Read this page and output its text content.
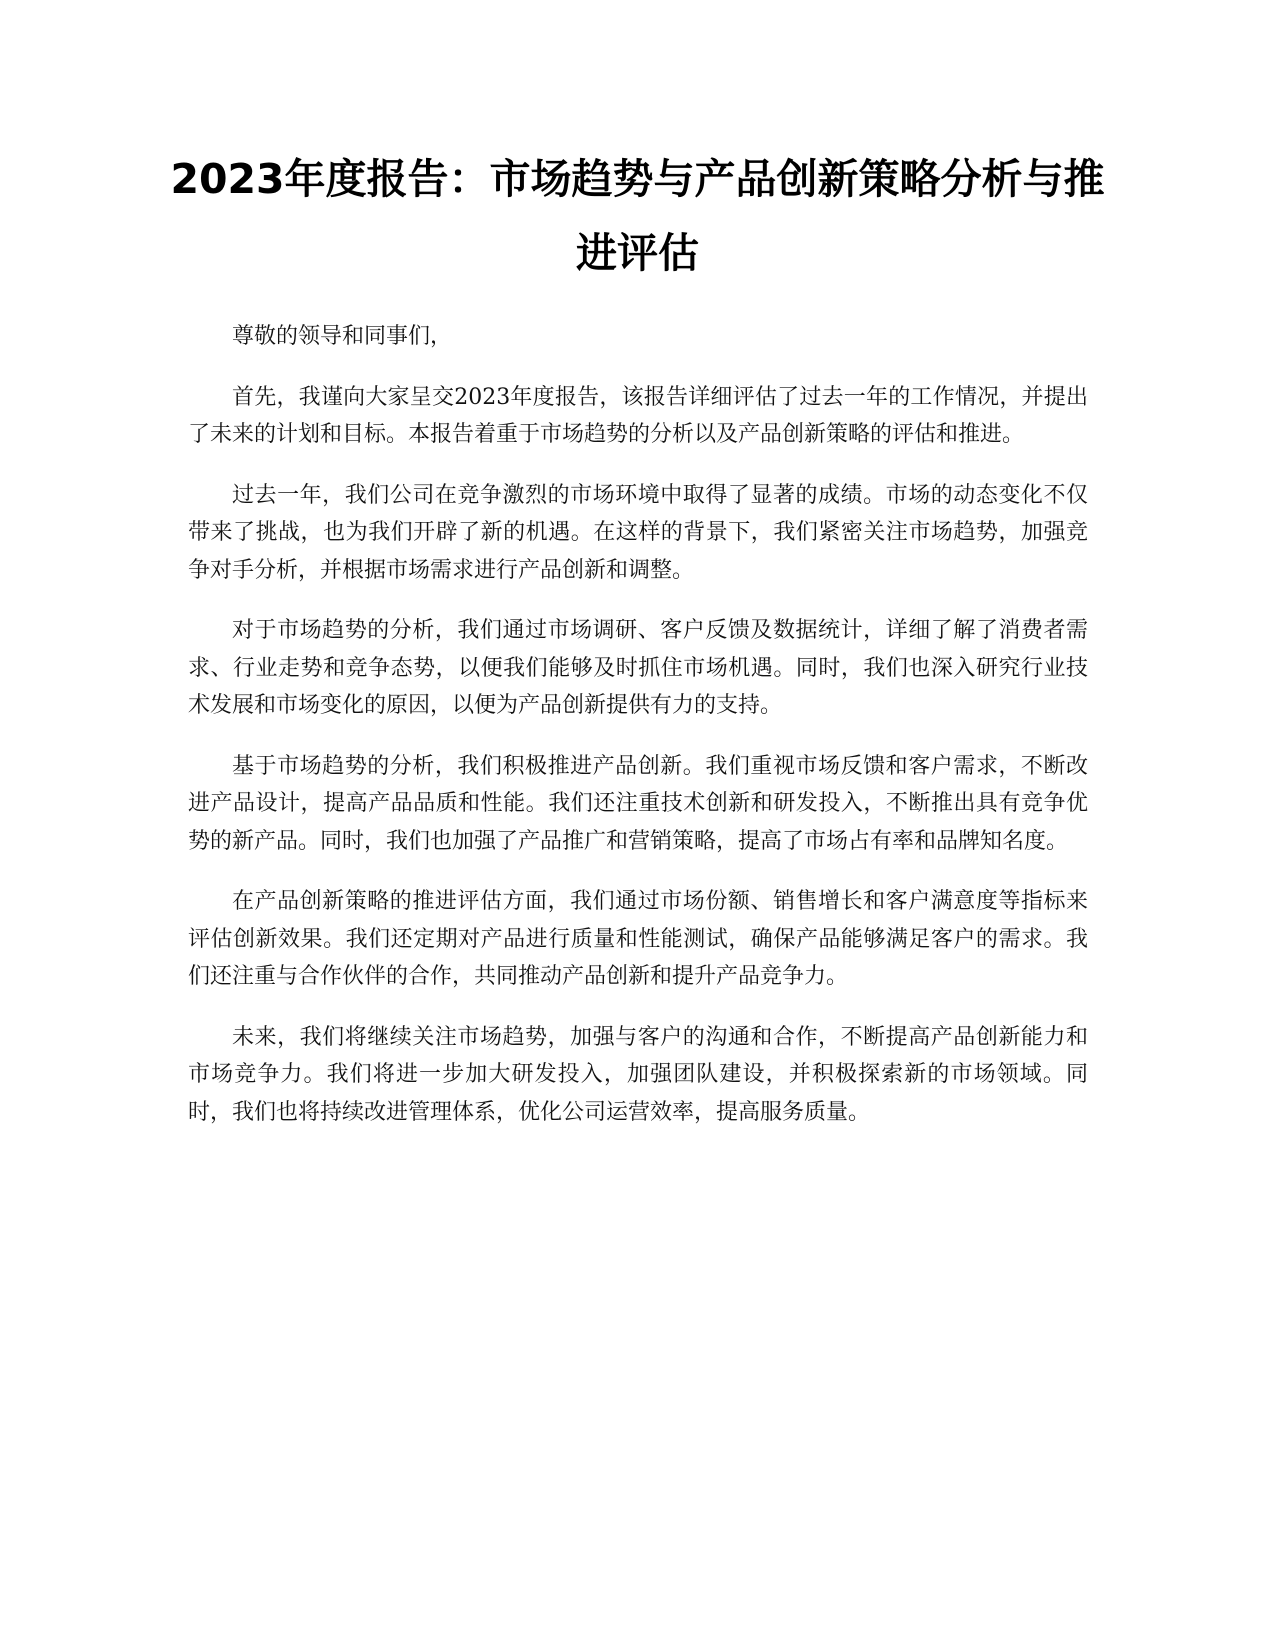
2023年度报告：市场趋势与产品创新策略分析与推进评估

尊敬的领导和同事们，

首先，我谨向大家呈交2023年度报告，该报告详细评估了过去一年的工作情况，并提出了未来的计划和目标。本报告着重于市场趋势的分析以及产品创新策略的评估和推进。

过去一年，我们公司在竞争激烈的市场环境中取得了显著的成绩。市场的动态变化不仅带来了挑战，也为我们开辟了新的机遇。在这样的背景下，我们紧密关注市场趋势，加强竞争对手分析，并根据市场需求进行产品创新和调整。

对于市场趋势的分析，我们通过市场调研、客户反馈及数据统计，详细了解了消费者需求、行业走势和竞争态势，以便我们能够及时抓住市场机遇。同时，我们也深入研究行业技术发展和市场变化的原因，以便为产品创新提供有力的支持。

基于市场趋势的分析，我们积极推进产品创新。我们重视市场反馈和客户需求，不断改进产品设计，提高产品品质和性能。我们还注重技术创新和研发投入，不断推出具有竞争优势的新产品。同时，我们也加强了产品推广和营销策略，提高了市场占有率和品牌知名度。

在产品创新策略的推进评估方面，我们通过市场份额、销售增长和客户满意度等指标来评估创新效果。我们还定期对产品进行质量和性能测试，确保产品能够满足客户的需求。我们还注重与合作伙伴的合作，共同推动产品创新和提升产品竞争力。

未来，我们将继续关注市场趋势，加强与客户的沟通和合作，不断提高产品创新能力和市场竞争力。我们将进一步加大研发投入，加强团队建设，并积极探索新的市场领域。同时，我们也将持续改进管理体系，优化公司运营效率，提高服务质量。
